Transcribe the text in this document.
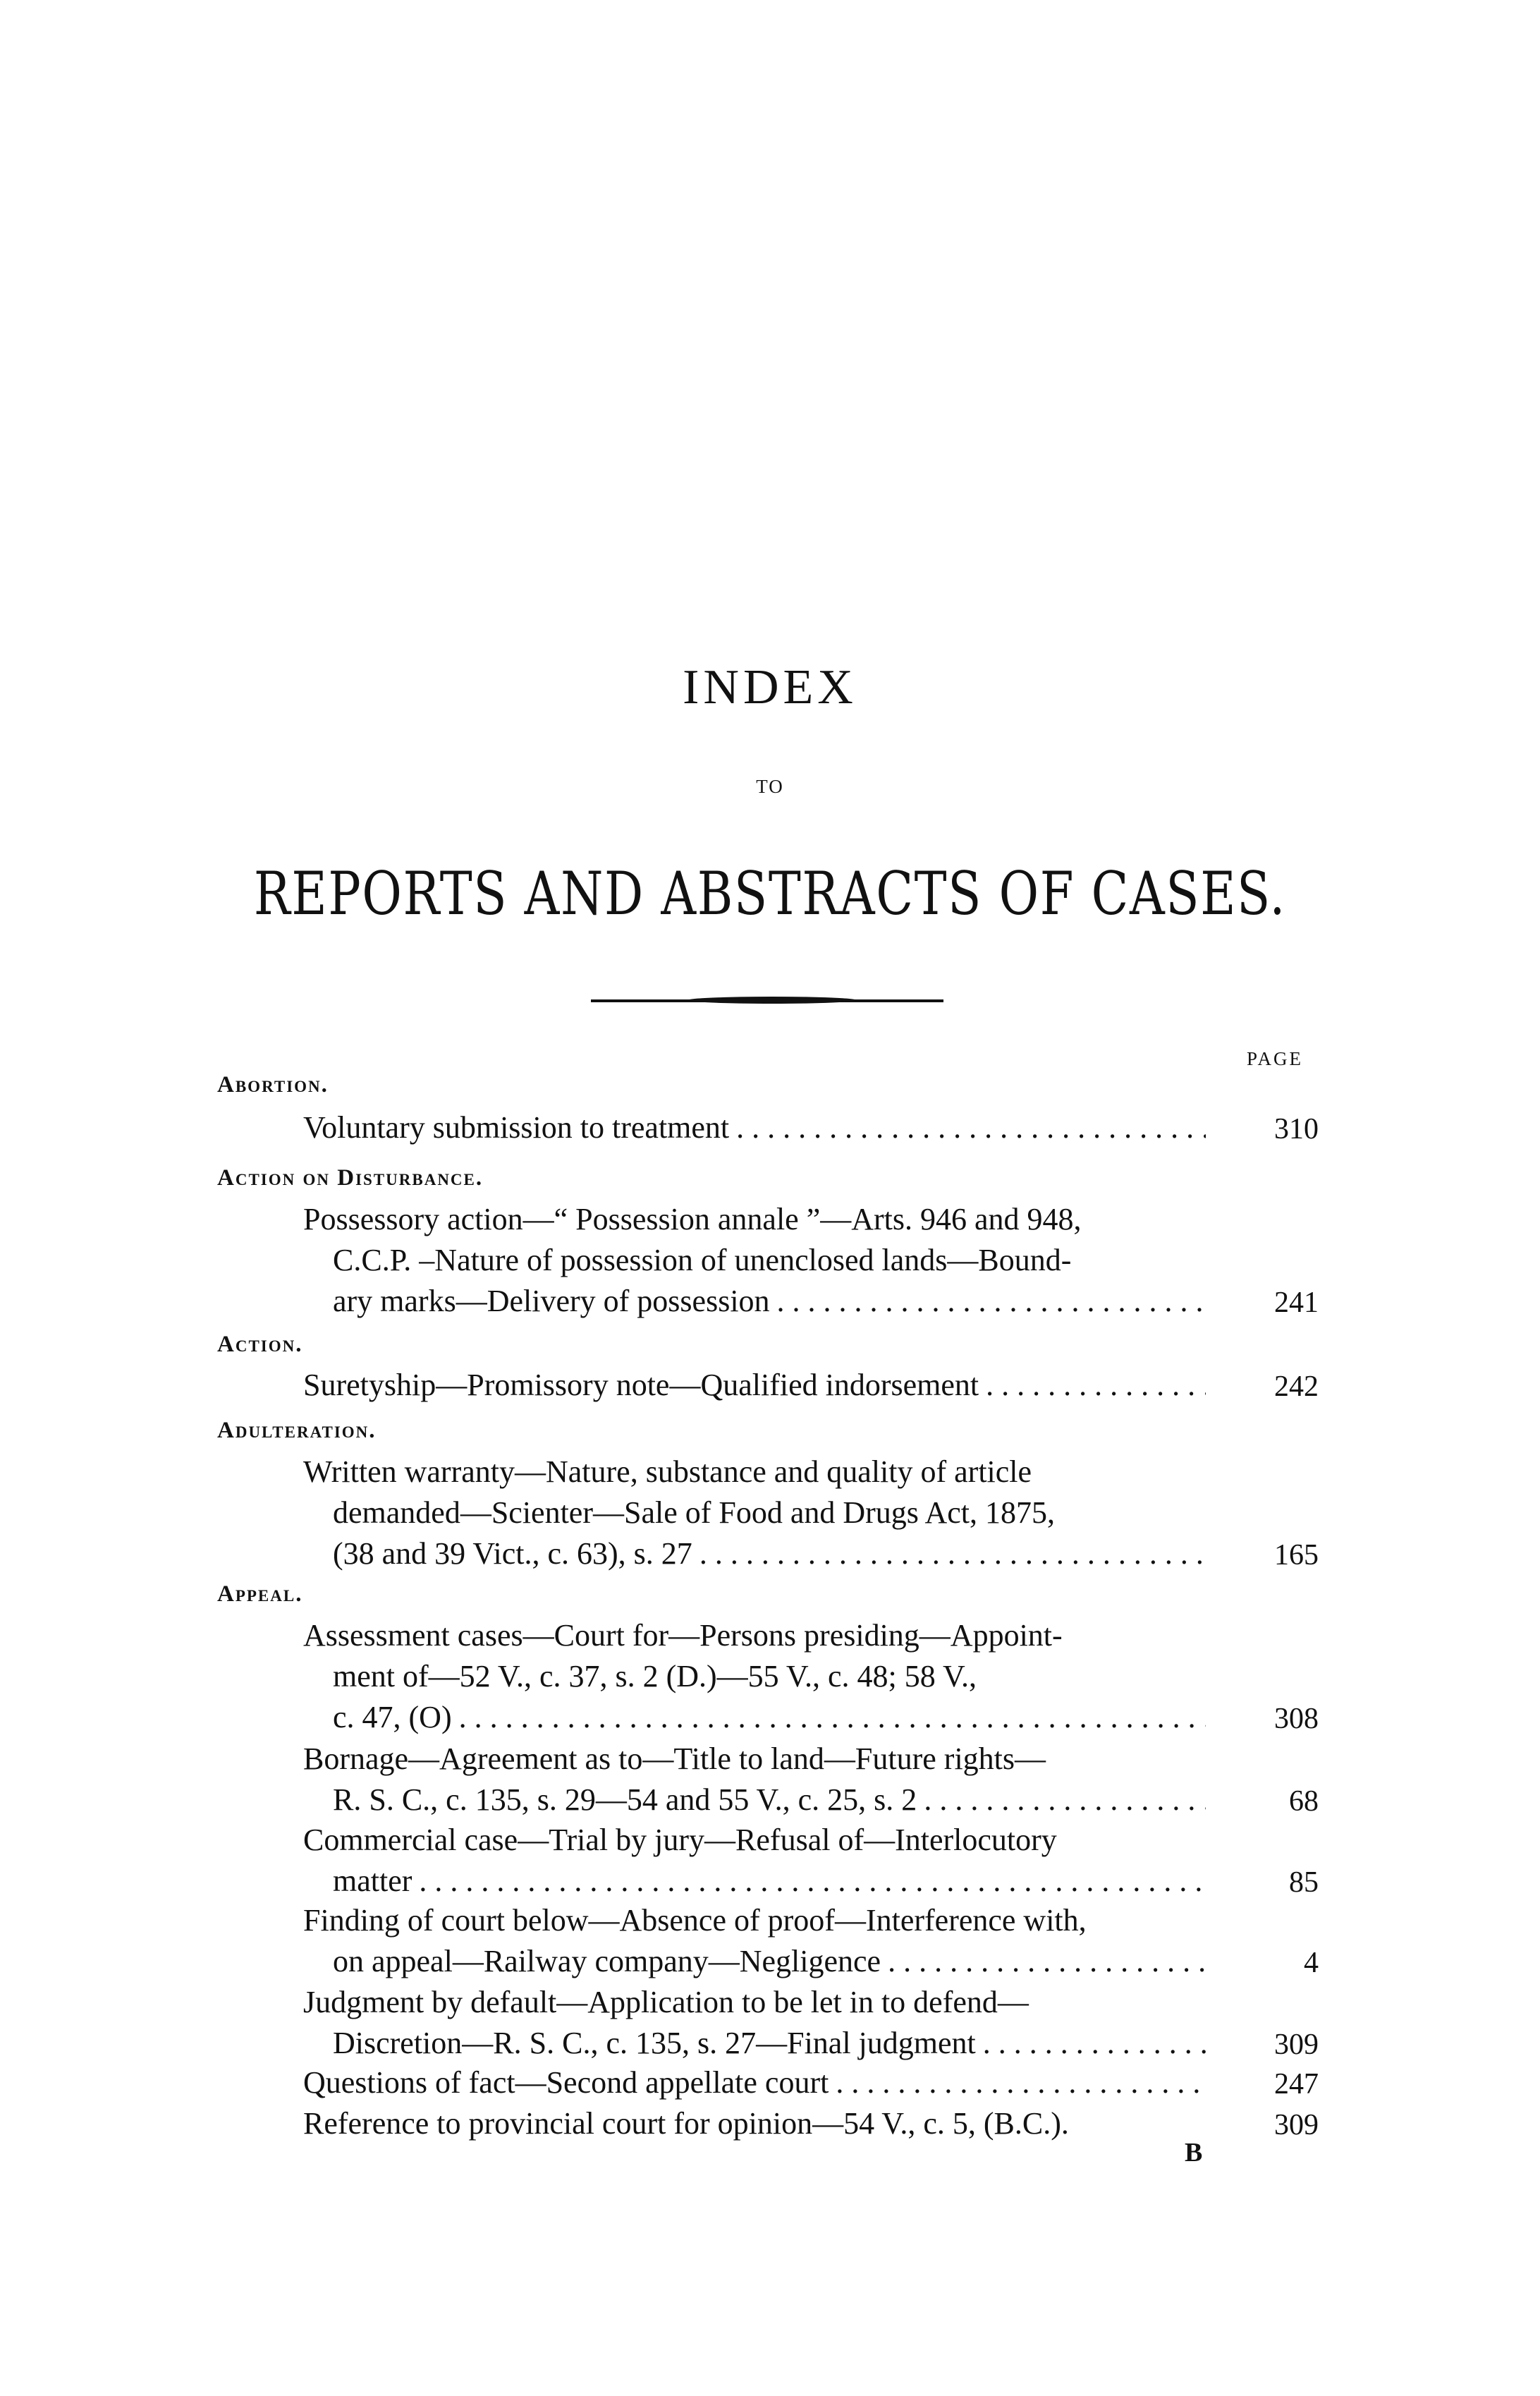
INDEX
TO
REPORTS AND ABSTRACTS OF CASES.
PAGE
Abortion.
Voluntary submission to treatment . . .	310
Action on Disturbance.
Possessory action—“ Possession annale ”—Arts. 946 and 948,
C.C.P. –Nature of possession of unenclosed lands—Bound-
ary marks—Delivery of possession . . .	241
Action.
Suretyship—Promissory note—Qualified indorsement . . .	242
Adulteration.
Written warranty—Nature, substance and quality of article
demanded—Scienter—Sale of Food and Drugs Act, 1875,
(38 and 39 Vict., c. 63), s. 27 . . .	165
Appeal.
Assessment cases—Court for—Persons presiding—Appoint-
ment of—52 V., c. 37, s. 2 (D.)—55 V., c. 48; 58 V.,
c. 47, (O) . . .	308
Bornage—Agreement as to—Title to land—Future rights—
R. S. C., c. 135, s. 29—54 and 55 V., c. 25, s. 2 . . .	68
Commercial case—Trial by jury—Refusal of—Interlocutory
matter . . .	85
Finding of court below—Absence of proof—Interference with,
on appeal—Railway company—Negligence . . .	4
Judgment by default—Application to be let in to defend—
Discretion—R. S. C., c. 135, s. 27—Final judgment . . .	309
Questions of fact—Second appellate court . . .	247
Reference to provincial court for opinion—54 V., c. 5, (B.C.).	309
B
